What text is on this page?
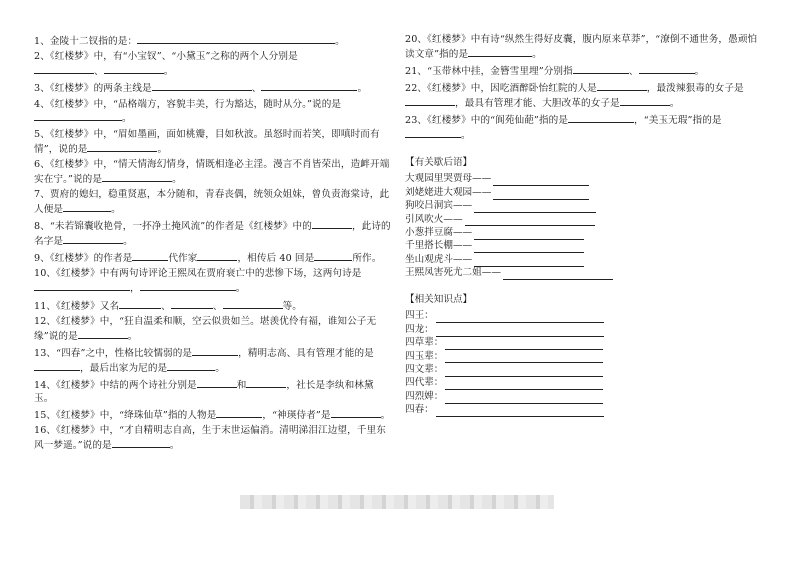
1、金陵十二钗指的是：	。
2、《红楼梦》中，有“小宝钗”、“小黛玉”之称的两个人分别是
、	。
3、《红楼梦》的两条主线是	、	。
4、《红楼梦》中，“品格端方，容貌丰美，行为豁达，随时从分。”说的是。
5、《红楼梦》中，“眉如墨画，面如桃瓣，目如秋波。虽怒时而若笑，即嗔时而有情”，说的是	。
6、《红楼梦》中，“情天情海幻情身，情既相逢必主淫。漫言不肖皆荣出，造衅开端实在宁。”说的是	。
7、贾府的媳妇，稳重贤惠，本分随和，青春丧偶，统领众姐妹，曾负责海棠诗，此人便是	。
8、“未若锦囊收艳骨，一抔净土掩风流”的作者是《红楼梦》中的	，此诗的名字是	。
9、《红楼梦》的作者是	代作家	，相传后 40 回是	所作。
10、《红楼梦》中有两句诗评论王熙凤在贾府衰亡中的悲惨下场，这两句诗是，	。
11、《红楼梦》又名	、	、	等。
12、《红楼梦》中，“狂自温柔和顺，空云似贵如兰。堪羡优伶有福，谁知公子无缘”说的是	。
13、“四春”之中，性格比较懦弱的是	，精明志高、具有管理才能的是，最后出家为尼的是	。
14、《红楼梦》中结的两个诗社分别是	和	，社长是李纨和林黛玉。
15、《红楼梦》中，“绛珠仙草”指的人物是	，“神瑛侍者”是	。
16、《红楼梦》中，“才自精明志自高，生于末世运偏消。清明涕泪江边望，千里东风一梦遥。”说的是	。
20、《红楼梦》中有诗“纵然生得好皮囊，腹内原来草莽”，“潦倒不通世务，愚顽怕读文章”指的是	。
21、“玉带林中挂，金簪雪里埋”分别指	、	。
22、《红楼梦》中，因吃酒醉卧怡红院的人是	，最泼辣狠毒的女子是，最具有管理才能、大胆改革的女子是	。
23、《红楼梦》中的“阆苑仙葩”指的是	，“美玉无瑕”指的是。
【有关歇后语】
大观园里哭贾母——
刘姥姥进大观园——
狗咬吕洞宾——
引风吹火——
小葱拌豆腐——
千里搭长棚——
坐山观虎斗——
王熙凤害死尤二姐——
【相关知识点】
四王：
四龙：
四草辈：
四玉辈：
四文辈：
四代辈：
四烈婢：
四春：
